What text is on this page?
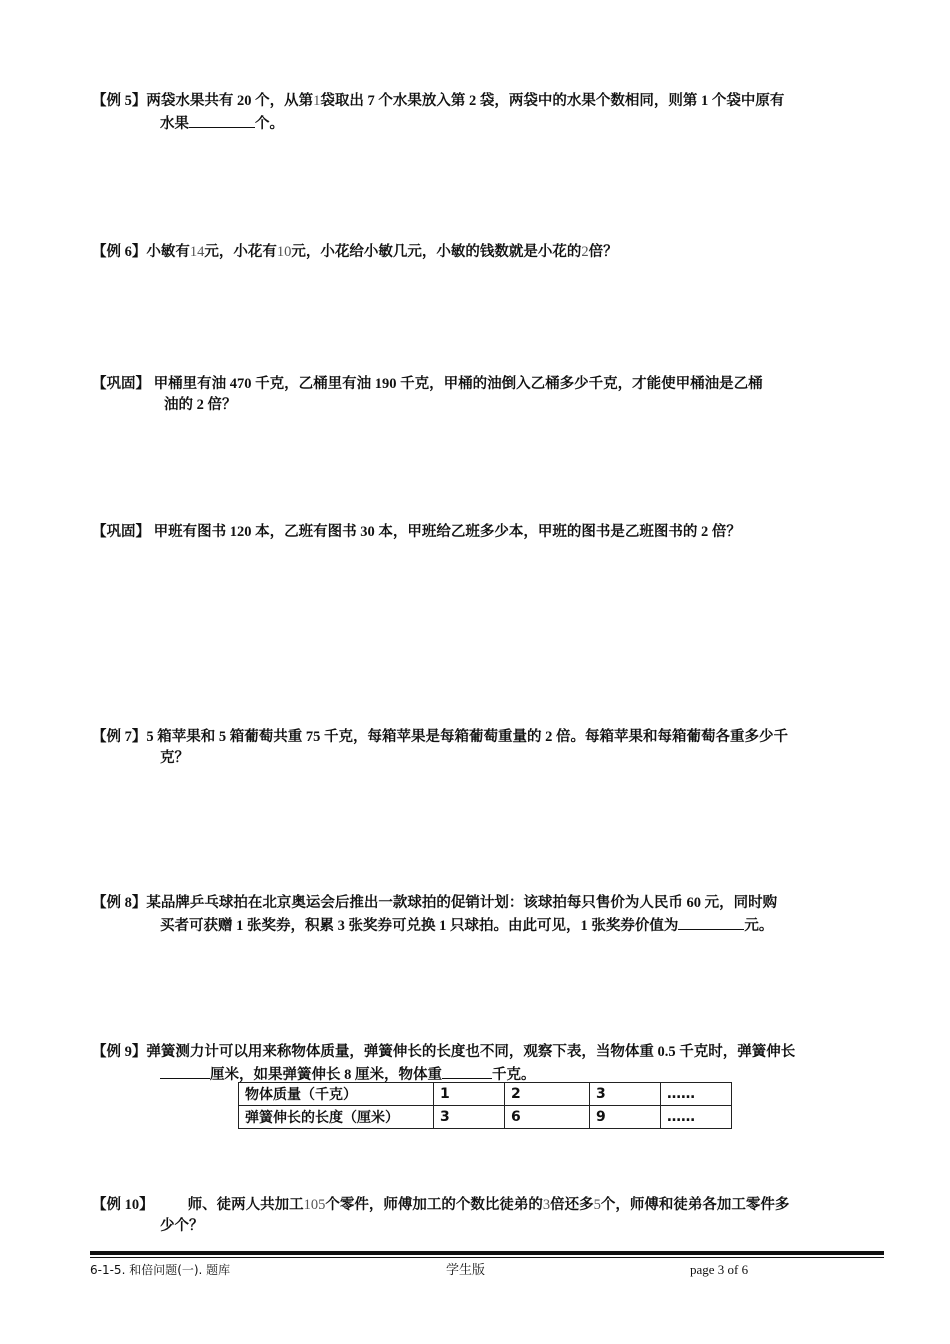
【例 5】两袋水果共有 20 个，从第1袋取出 7 个水果放入第 2 袋，两袋中的水果个数相同，则第 1 个袋中原有
水果	个。
【例 6】小敏有14元，小花有10元，小花给小敏几元，小敏的钱数就是小花的2倍？
【巩固】 甲桶里有油 470 千克，乙桶里有油 190 千克，甲桶的油倒入乙桶多少千克，才能使甲桶油是乙桶
油的 2 倍？
【巩固】 甲班有图书 120 本，乙班有图书 30 本，甲班给乙班多少本，甲班的图书是乙班图书的 2 倍？
【例 7】5 箱苹果和 5 箱葡萄共重 75 千克，每箱苹果是每箱葡萄重量的 2 倍。每箱苹果和每箱葡萄各重多少千
克？
【例 8】某品牌乒乓球拍在北京奥运会后推出一款球拍的促销计划：该球拍每只售价为人民币 60 元，同时购
买者可获赠 1 张奖券，积累 3 张奖券可兑换 1 只球拍。由此可见，1 张奖券价值为	元。
【例 9】弹簧测力计可以用来称物体质量，弹簧伸长的长度也不同，观察下表，当物体重 0.5 千克时，弹簧伸长
厘米，如果弹簧伸长 8 厘米，物体重	千克。
物体质量（千克）	1	2	3	……
弹簧伸长的长度（厘米）	3	6	9	……
【例 10】 师、徒两人共加工105个零件，师傅加工的个数比徒弟的3倍还多5个，师傅和徒弟各加工零件多
少个？
6-1-5. 和倍问题(一). 题库	学生版	page 3 of 6
